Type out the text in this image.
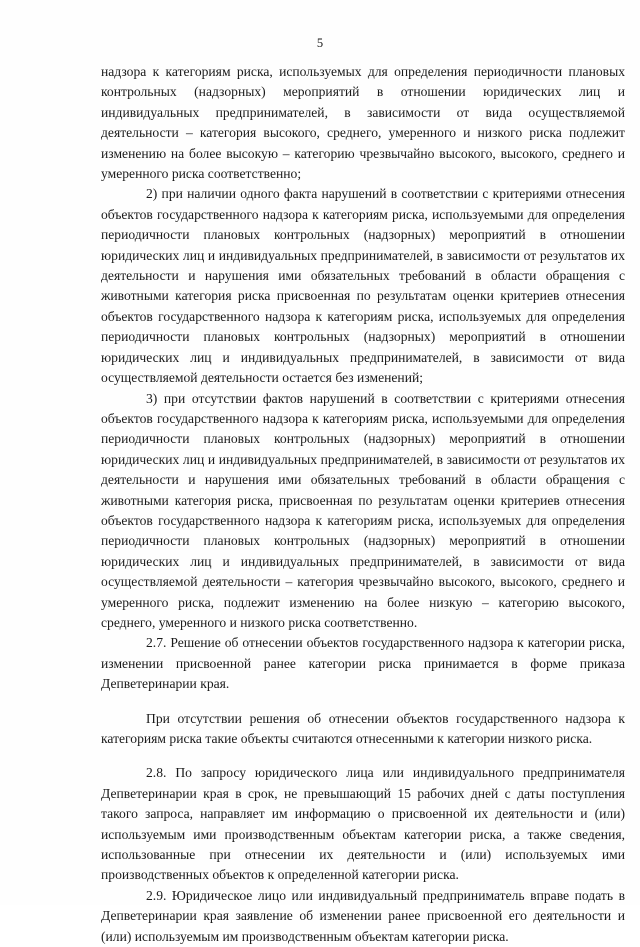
5

надзора к категориям риска, используемых для определения периодичности плановых контрольных (надзорных) мероприятий в отношении юридических лиц и индивидуальных предпринимателей, в зависимости от вида осуществляемой деятельности – категория высокого, среднего, умеренного и низкого риска подлежит изменению на более высокую – категорию чрезвычайно высокого, высокого, среднего и умеренного риска соответственно;

2) при наличии одного факта нарушений в соответствии с критериями отнесения объектов государственного надзора к категориям риска, используемыми для определения периодичности плановых контрольных (надзорных) мероприятий в отношении юридических лиц и индивидуальных предпринимателей, в зависимости от результатов их деятельности и нарушения ими обязательных требований в области обращения с животными категория риска присвоенная по результатам оценки критериев отнесения объектов государственного надзора к категориям риска, используемых для определения периодичности плановых контрольных (надзорных) мероприятий в отношении юридических лиц и индивидуальных предпринимателей, в зависимости от вида осуществляемой деятельности остается без изменений;

3) при отсутствии фактов нарушений в соответствии с критериями отнесения объектов государственного надзора к категориям риска, используемыми для определения периодичности плановых контрольных (надзорных) мероприятий в отношении юридических лиц и индивидуальных предпринимателей, в зависимости от результатов их деятельности и нарушения ими обязательных требований в области обращения с животными категория риска, присвоенная по результатам оценки критериев отнесения объектов государственного надзора к категориям риска, используемых для определения периодичности плановых контрольных (надзорных) мероприятий в отношении юридических лиц и индивидуальных предпринимателей, в зависимости от вида осуществляемой деятельности – категория чрезвычайно высокого, высокого, среднего и умеренного риска, подлежит изменению на более низкую – категорию высокого, среднего, умеренного и низкого риска соответственно.

2.7. Решение об отнесении объектов государственного надзора к категории риска, изменении присвоенной ранее категории риска принимается в форме приказа Депветеринарии края.

При отсутствии решения об отнесении объектов государственного надзора к категориям риска такие объекты считаются отнесенными к категории низкого риска.

2.8. По запросу юридического лица или индивидуального предпринимателя Депветеринарии края в срок, не превышающий 15 рабочих дней с даты поступления такого запроса, направляет им информацию о присвоенной их деятельности и (или) используемым ими производственным объектам категории риска, а также сведения, использованные при отнесении их деятельности и (или) используемых ими производственных объектов к определенной категории риска.

2.9. Юридическое лицо или индивидуальный предприниматель вправе подать в Депветеринарии края заявление об изменении ранее присвоенной его деятельности и (или) используемым им производственным объектам категории риска.
